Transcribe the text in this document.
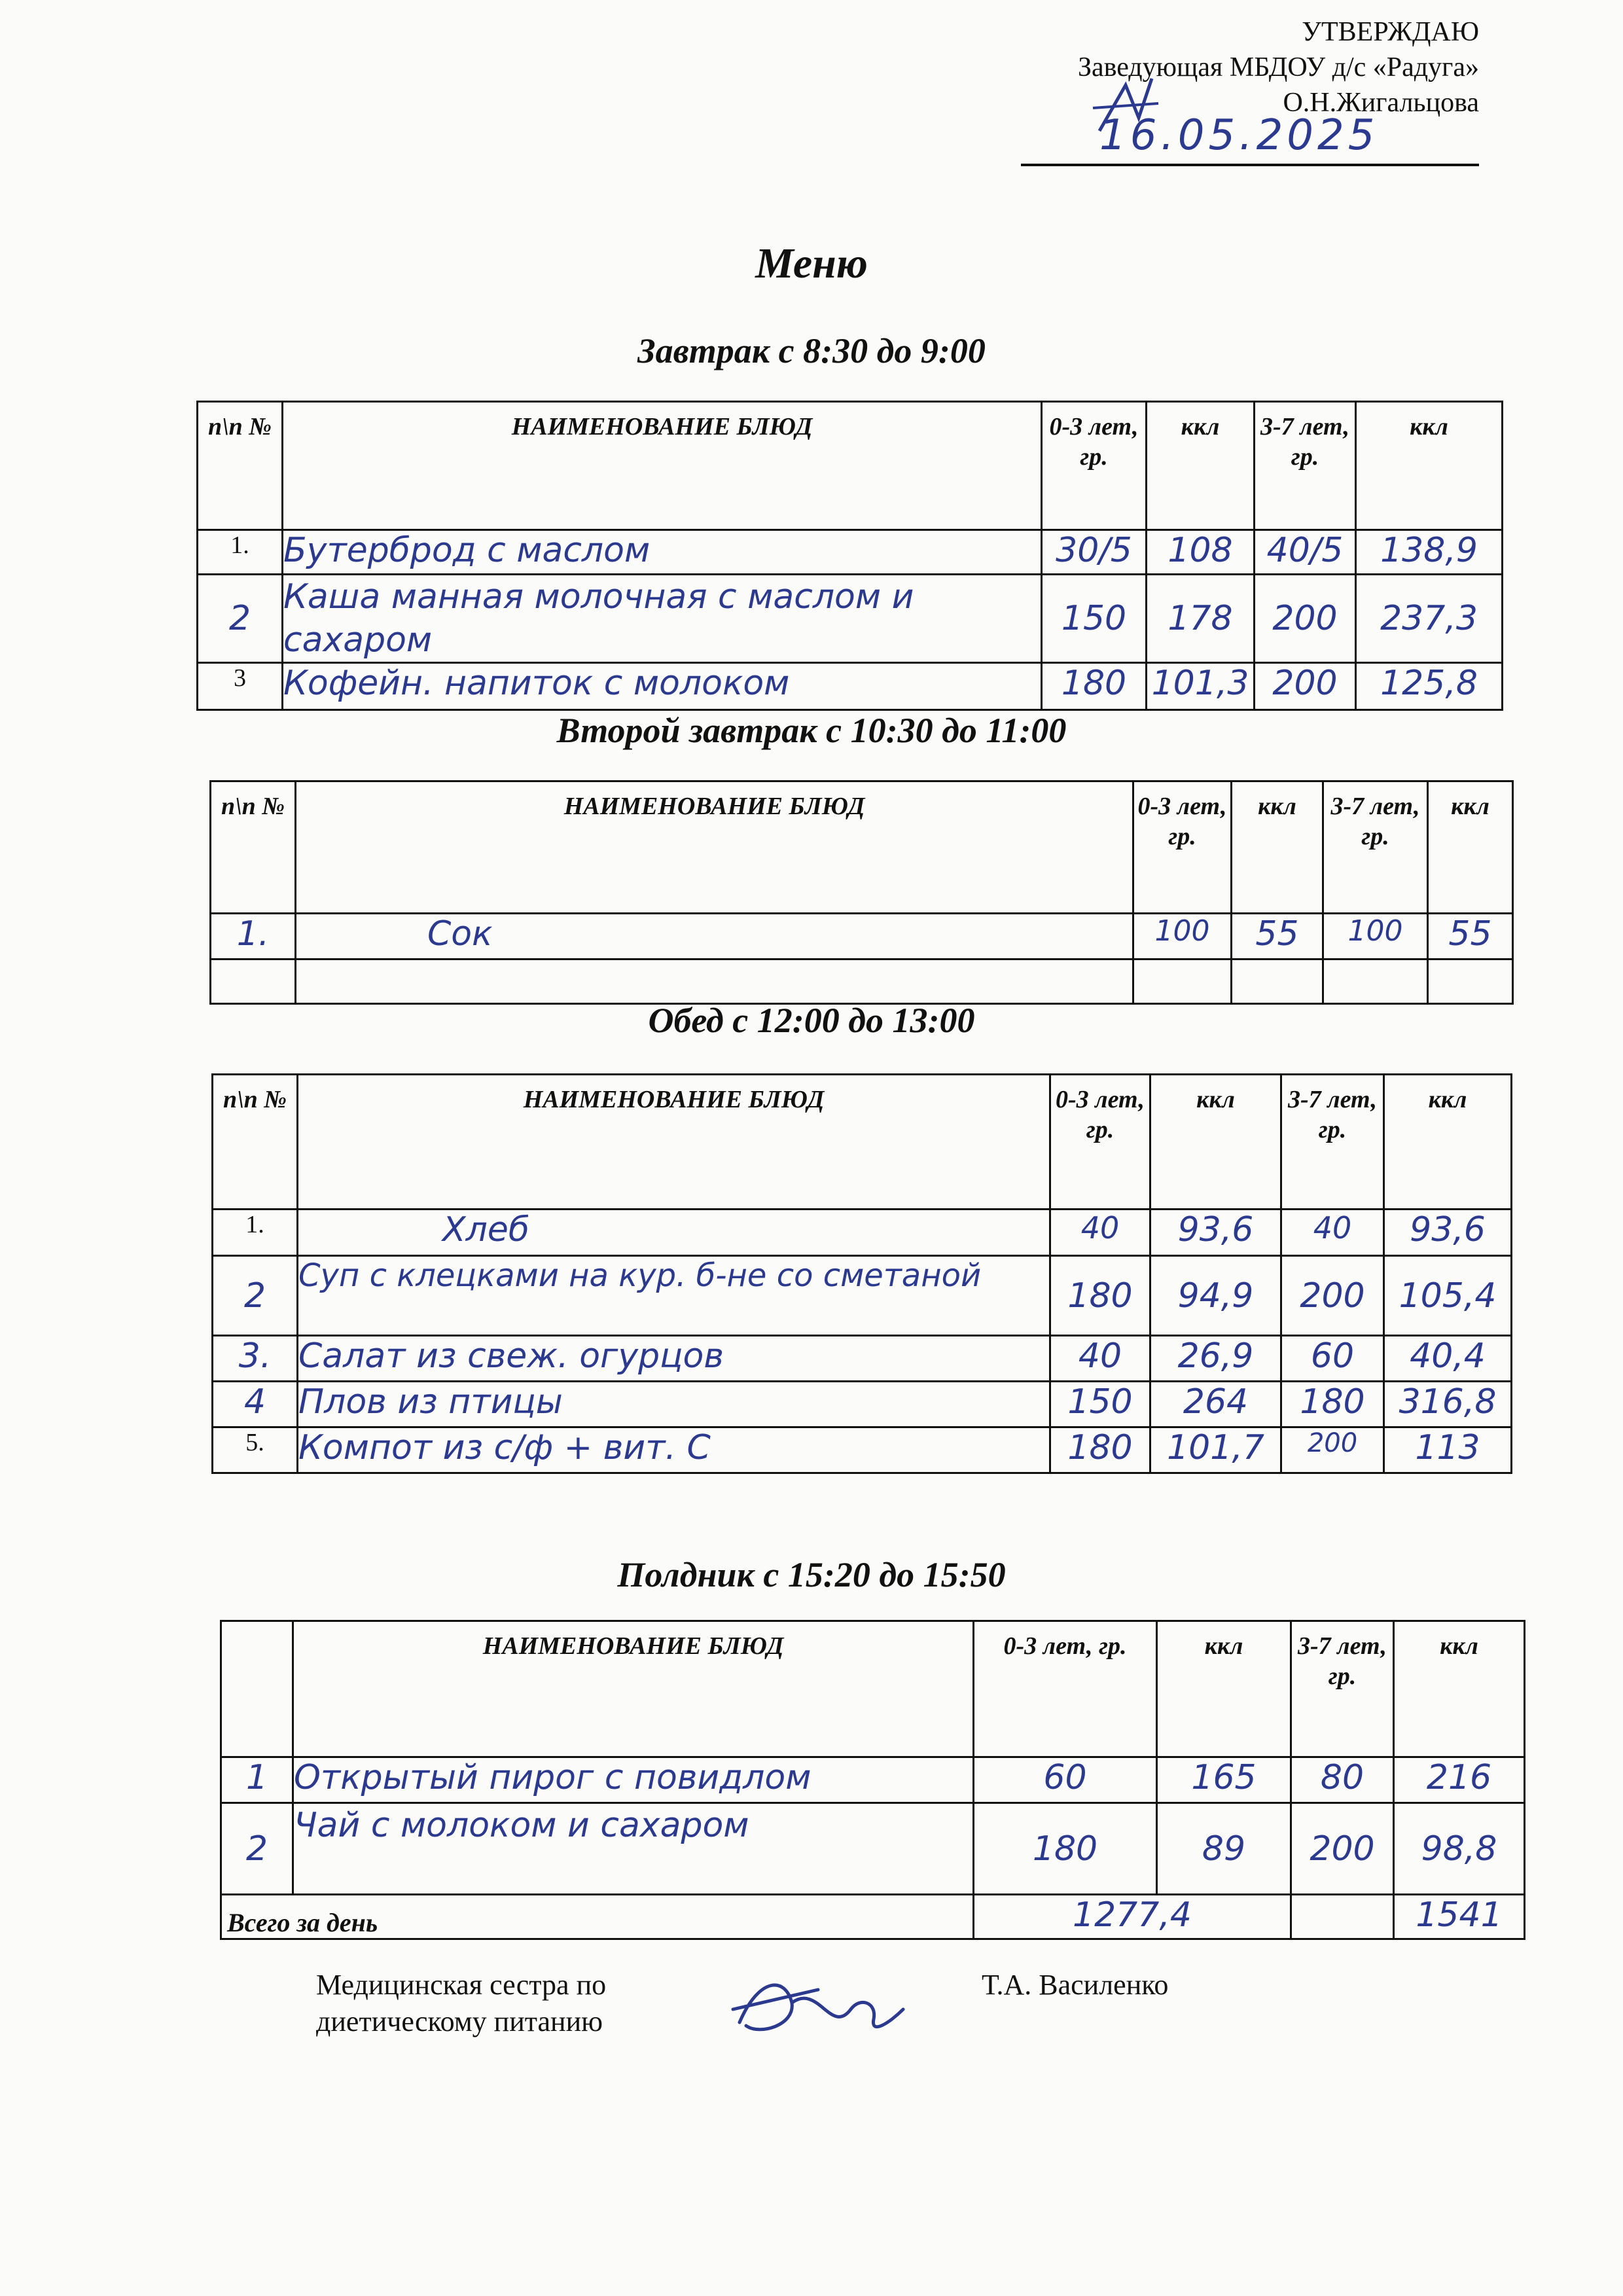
УТВЕРЖДАЮ
Заведующая МБДОУ д/с «Радуга»
О.Н.Жигальцова
16.05.2025
Меню
Завтрак с 8:30 до 9:00
n\n №	НАИМЕНОВАНИЕ БЛЮД	0-3 лет, гр.	ккл	3-7 лет, гр.	ккл
1.	Бутерброд с маслом	30/5	108	40/5	138,9
2	Каша манная молочная с маслом и сахаром	150	178	200	237,3
3	Кофейн. напиток с молоком	180	101,3	200	125,8
Второй завтрак с 10:30 до 11:00
n\n №	НАИМЕНОВАНИЕ БЛЮД	0-3 лет, гр.	ккл	3-7 лет, гр.	ккл
1.	Сок	100	55	100	55

Обед с 12:00 до 13:00
n\n №	НАИМЕНОВАНИЕ БЛЮД	0-3 лет, гр.	ккл	3-7 лет, гр.	ккл
1.	Хлеб	40	93,6	40	93,6
2	Суп с клецками на кур. б-не со сметаной	180	94,9	200	105,4
3.	Салат из свеж. огурцов	40	26,9	60	40,4
4	Плов из птицы	150	264	180	316,8
5.	Компот из с/ф + вит. С	180	101,7	200	113
Полдник с 15:20 до 15:50
	НАИМЕНОВАНИЕ БЛЮД	0-3 лет, гр.	ккл	3-7 лет, гр.	ккл
1	Открытый пирог с повидлом	60	165	80	216
2	Чай с молоком и сахаром	180	89	200	98,8
Всего за день		1277,4			1541
Медицинская сестра по
диетическому питанию
Т.А. Василенко
